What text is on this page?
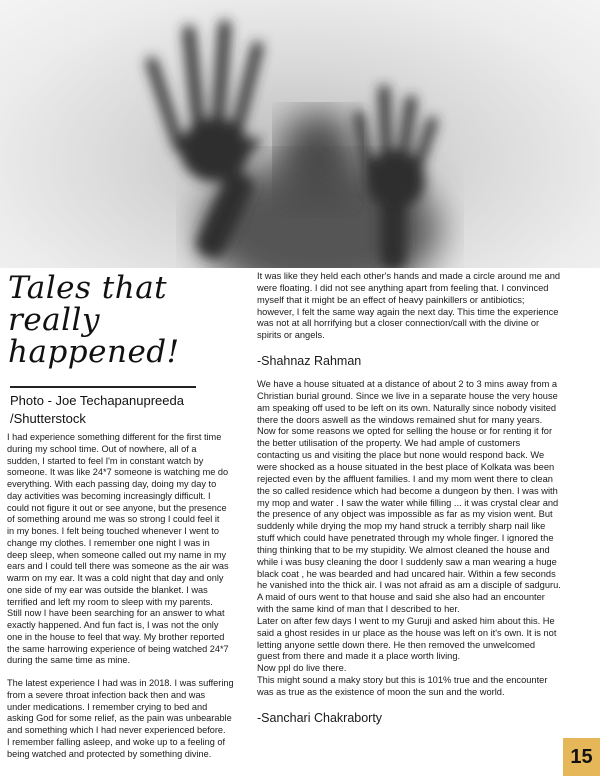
Tales that
really
happened!
Photo - Joe Techapanupreeda
/Shutterstock
I had experience something different for the first time
during my school time. Out of nowhere, all of a
sudden, I started to feel I'm in constant watch by
someone. It was like 24*7 someone is watching me do
everything. With each passing day, doing my day to
day activities was becoming increasingly difficult. I
could not figure it out or see anyone, but the presence
of something around me was so strong I could feel it
in my bones. I felt being touched whenever I went to
change my clothes. I remember one night I was in
deep sleep, when someone called out my name in my
ears and I could tell there was someone as the air was
warm on my ear. It was a cold night that day and only
one side of my ear was outside the blanket. I was
terrified and left my room to sleep with my parents.
Still now I have been searching for an answer to what
exactly happened. And fun fact is, I was not the only
one in the house to feel that way. My brother reported
the same harrowing experience of being watched 24*7
during the same time as mine.
The latest experience I had was in 2018. I was suffering
from a severe throat infection back then and was
under medications. I remember crying to bed and
asking God for some relief, as the pain was unbearable
and something which I had never experienced before.
I remember falling asleep, and woke up to a feeling of
being watched and protected by something divine.
It was like they held each other's hands and made a circle around me and
were floating. I did not see anything apart from feeling that. I convinced
myself that it might be an effect of heavy painkillers or antibiotics;
however, I felt the same way again the next day. This time the experience
was not at all horrifying but a closer connection/call with the divine or
spirits or angels.
-Shahnaz Rahman
We have a house situated at a distance of about 2 to 3 mins away from a
Christian burial ground. Since we live in a separate house the very house
am speaking off used to be left on its own. Naturally since nobody visited
there the doors aswell as the windows remained shut for many years.
Now for some reasons we opted for selling the house or for renting it for
the better utilisation of the property. We had ample of customers
contacting us and visiting the place but none would respond back. We
were shocked as a house situated in the best place of Kolkata was been
rejected even by the affluent families. I and my mom went there to clean
the so called residence which had become a dungeon by then. I was with
my mop and water . I saw the water while filling ... it was crystal clear and
the presence of any object was impossible as far as my vision went. But
suddenly while drying the mop my hand struck a terribly sharp nail like
stuff which could have penetrated through my whole finger. I ignored the
thing thinking that to be my stupidity. We almost cleaned the house and
while i was busy cleaning the door I suddenly saw a man wearing a huge
black coat , he was bearded and had uncared hair. Within a few seconds
he vanished into the thick air. I was not afraid as am a disciple of sadguru.
A maid of ours went to that house and said she also had an encounter
with the same kind of man that I described to her.
Later on after few days I went to my Guruji and asked him about this. He
said a ghost resides in ur place as the house was left on it's own. It is not
letting anyone settle down there. He then removed the unwelcomed
guest from there and made it a place worth living.
Now ppl do live there.
This might sound a maky story but this is 101% true and the encounter
was as true as the existence of moon the sun and the world.
-Sanchari Chakraborty
15
